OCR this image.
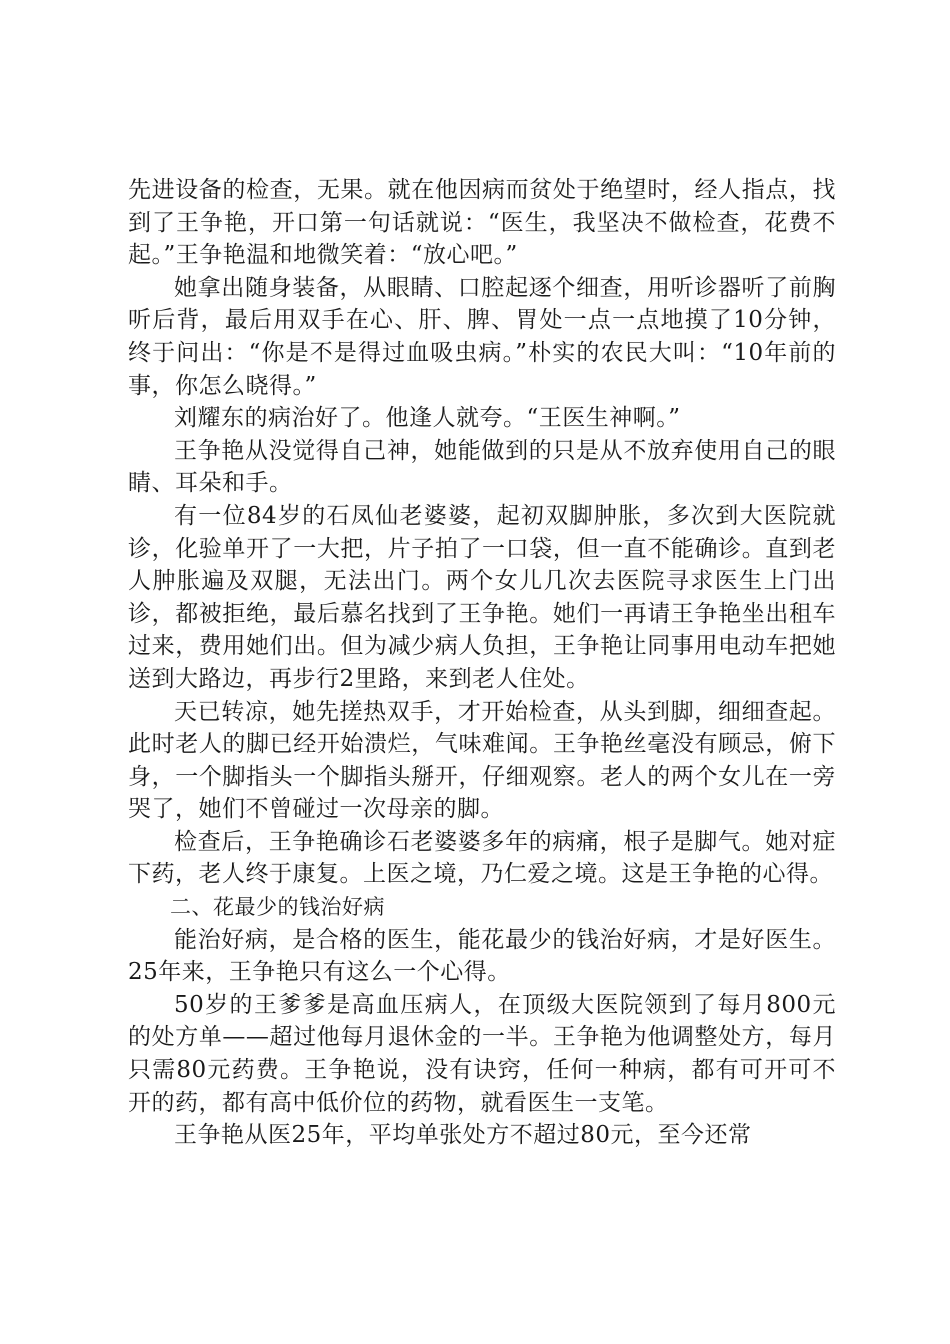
先进设备的检查，无果。就在他因病而贫处于绝望时，经人指点，找到了王争艳，开口第一句话就说：“医生，我坚决不做检查，花费不起。”王争艳温和地微笑着：“放心吧。”

她拿出随身装备，从眼睛、口腔起逐个细查，用听诊器听了前胸听后背，最后用双手在心、肝、脾、胃处一点一点地摸了10分钟，终于问出：“你是不是得过血吸虫病。”朴实的农民大叫：“10年前的事，你怎么晓得。”

刘耀东的病治好了。他逢人就夸。“王医生神啊。”

王争艳从没觉得自己神，她能做到的只是从不放弃使用自己的眼睛、耳朵和手。

有一位84岁的石凤仙老婆婆，起初双脚肿胀，多次到大医院就诊，化验单开了一大把，片子拍了一口袋，但一直不能确诊。直到老人肿胀遍及双腿，无法出门。两个女儿几次去医院寻求医生上门出诊，都被拒绝，最后慕名找到了王争艳。她们一再请王争艳坐出租车过来，费用她们出。但为减少病人负担，王争艳让同事用电动车把她送到大路边，再步行2里路，来到老人住处。

天已转凉，她先搓热双手，才开始检查，从头到脚，细细查起。此时老人的脚已经开始溃烂，气味难闻。王争艳丝毫没有顾忌，俯下身，一个脚指头一个脚指头掰开，仔细观察。老人的两个女儿在一旁哭了，她们不曾碰过一次母亲的脚。

检查后，王争艳确诊石老婆婆多年的病痛，根子是脚气。她对症下药，老人终于康复。上医之境，乃仁爱之境。这是王争艳的心得。

二、花最少的钱治好病

能治好病，是合格的医生，能花最少的钱治好病，才是好医生。25年来，王争艳只有这么一个心得。

50岁的王爹爹是高血压病人，在顶级大医院领到了每月800元的处方单——超过他每月退休金的一半。王争艳为他调整处方，每月只需80元药费。王争艳说，没有诀窍，任何一种病，都有可开可不开的药，都有高中低价位的药物，就看医生一支笔。

王争艳从医25年，平均单张处方不超过80元，至今还常
